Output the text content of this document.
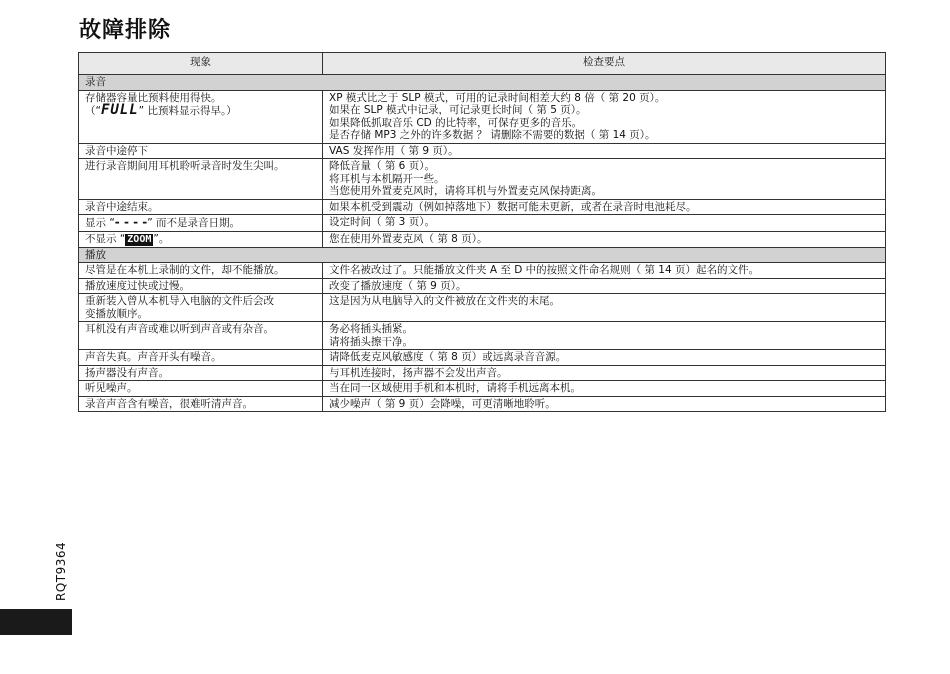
故障排除
现象	检查要点
录音	

存储器容量比预料使用得快。
（“FULL” 比预料显示得早。）	XP 模式比之于 SLP 模式，可用的记录时间相差大约 8 倍（ 第 20 页）。
如果在 SLP 模式中记录，可记录更长时间（ 第 5 页）。
如果降低抓取音乐 CD 的比特率，可保存更多的音乐。
是否存储 MP3 之外的许多数据 ？ 请删除不需要的数据（ 第 14 页）。

录音中途停下	VAS 发挥作用（ 第 9 页）。

进行录音期间用耳机聆听录音时发生尖叫。	降低音量（ 第 6 页）。
将耳机与本机隔开一些。
当您使用外置麦克风时，请将耳机与外置麦克风保持距离。

录音中途结束。	如果本机受到震动（例如掉落地下）数据可能未更新，或者在录音时电池耗尽。

显示 “- - - -” 而不是录音日期。	设定时间（ 第 3 页）。

不显示 “ ZOOM ”。	您在使用外置麦克风（ 第 8 页）。

播放	

尽管是在本机上录制的文件，却不能播放。	文件名被改过了。只能播放文件夹 A 至 D 中的按照文件命名规则（ 第 14 页）起名的文件。

播放速度过快或过慢。	改变了播放速度（ 第 9 页）。

重新装入曾从本机导入电脑的文件后会改
变播放顺序。	这是因为从电脑导入的文件被放在文件夹的末尾。

耳机没有声音或难以听到声音或有杂音。	务必将插头插紧。
请将插头擦干净。

声音失真。声音开头有噪音。	请降低麦克风敏感度（ 第 8 页）或远离录音音源。

扬声器没有声音。	与耳机连接时，扬声器不会发出声音。

听见噪声。	当在同一区域使用手机和本机时，请将手机远离本机。

录音声音含有噪音，很难听清声音。	减少噪声（ 第 9 页）会降噪，可更清晰地聆听。
RQT9364
